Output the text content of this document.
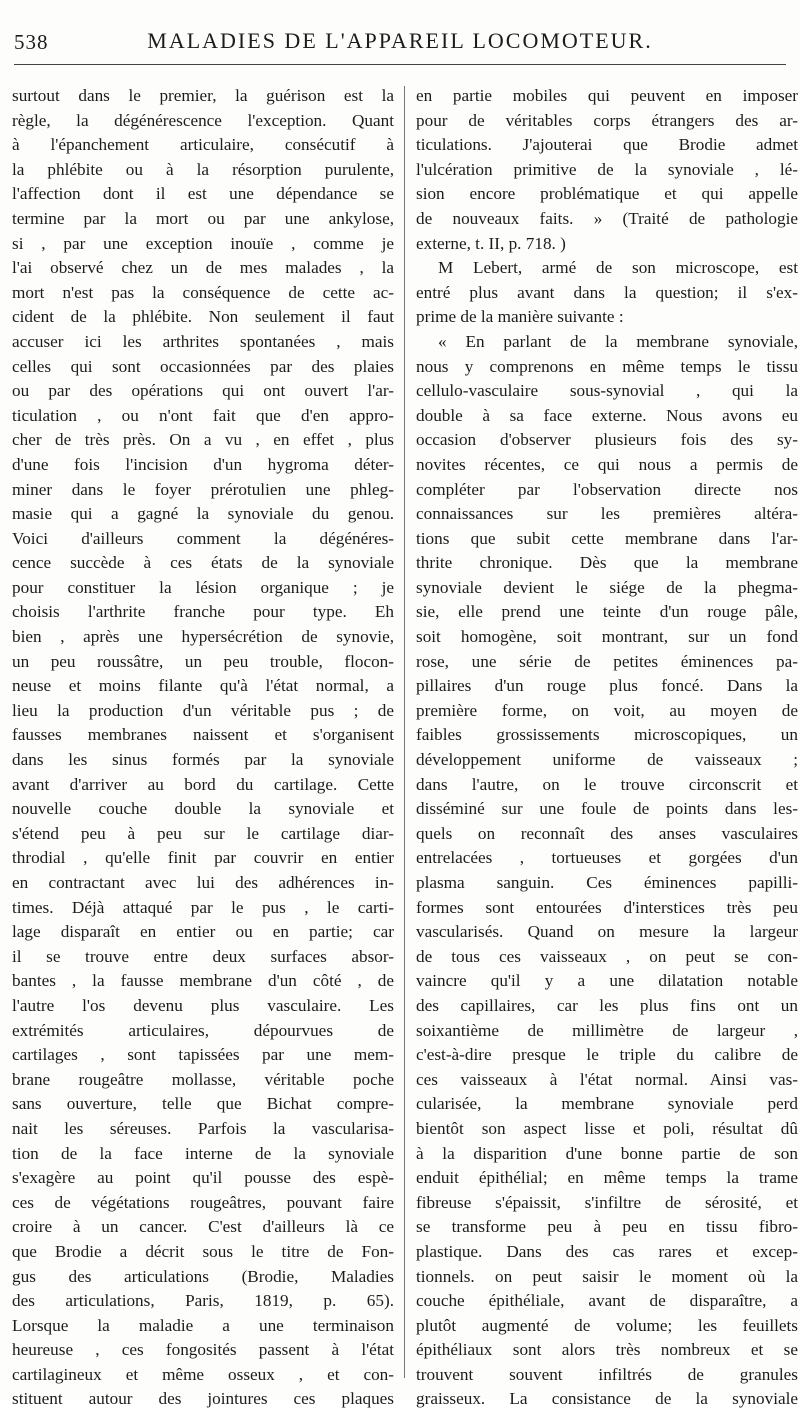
538	MALADIES DE L'APPAREIL LOCOMOTEUR.
surtout dans le premier, la guérison est la
règle, la dégénérescence l'exception. Quant
à l'épanchement articulaire, consécutif à
la phlébite ou à la résorption purulente,
l'affection dont il est une dépendance se
termine par la mort ou par une ankylose,
si , par une exception inouïe , comme je
l'ai observé chez un de mes malades , la
mort n'est pas la conséquence de cette ac-
cident de la phlébite. Non seulement il faut
accuser ici les arthrites spontanées , mais
celles qui sont occasionnées par des plaies
ou par des opérations qui ont ouvert l'ar-
ticulation , ou n'ont fait que d'en appro-
cher de très près. On a vu , en effet , plus
d'une fois l'incision d'un hygroma déter-
miner dans le foyer prérotulien une phleg-
masie qui a gagné la synoviale du genou.
Voici d'ailleurs comment la dégénéres-
cence succède à ces états de la synoviale
pour constituer la lésion organique ; je
choisis l'arthrite franche pour type. Eh
bien , après une hypersécrétion de synovie,
un peu roussâtre, un peu trouble, flocon-
neuse et moins filante qu'à l'état normal, a
lieu la production d'un véritable pus ; de
fausses membranes naissent et s'organisent
dans les sinus formés par la synoviale
avant d'arriver au bord du cartilage. Cette
nouvelle couche double la synoviale et
s'étend peu à peu sur le cartilage diar-
throdial , qu'elle finit par couvrir en entier
en contractant avec lui des adhérences in-
times. Déjà attaqué par le pus , le carti-
lage disparaît en entier ou en partie; car
il se trouve entre deux surfaces absor-
bantes , la fausse membrane d'un côté , de
l'autre l'os devenu plus vasculaire. Les
extrémités articulaires, dépourvues de
cartilages , sont tapissées par une mem-
brane rougeâtre mollasse, véritable poche
sans ouverture, telle que Bichat compre-
nait les séreuses. Parfois la vascularisa-
tion de la face interne de la synoviale
s'exagère au point qu'il pousse des espè-
ces de végétations rougeâtres, pouvant faire
croire à un cancer. C'est d'ailleurs là ce
que Brodie a décrit sous le titre de Fon-
gus des articulations (Brodie, Maladies
des articulations, Paris, 1819, p. 65).
Lorsque la maladie a une terminaison
heureuse , ces fongosités passent à l'état
cartilagineux et même osseux , et con-
stituent autour des jointures ces plaques
en partie mobiles qui peuvent en imposer
pour de véritables corps étrangers des ar-
ticulations. J'ajouterai que Brodie admet
l'ulcération primitive de la synoviale , lé-
sion encore problématique et qui appelle
de nouveaux faits. » (Traité de pathologie
externe, t. II, p. 718. )
M Lebert, armé de son microscope, est
entré plus avant dans la question; il s'ex-
prime de la manière suivante :
« En parlant de la membrane synoviale,
nous y comprenons en même temps le tissu
cellulo-vasculaire sous-synovial , qui la
double à sa face externe. Nous avons eu
occasion d'observer plusieurs fois des sy-
novites récentes, ce qui nous a permis de
compléter par l'observation directe nos
connaissances sur les premières altéra-
tions que subit cette membrane dans l'ar-
thrite chronique. Dès que la membrane
synoviale devient le siége de la phegma-
sie, elle prend une teinte d'un rouge pâle,
soit homogène, soit montrant, sur un fond
rose, une série de petites éminences pa-
pillaires d'un rouge plus foncé. Dans la
première forme, on voit, au moyen de
faibles grossissements microscopiques, un
développement uniforme de vaisseaux ;
dans l'autre, on le trouve circonscrit et
disséminé sur une foule de points dans les-
quels on reconnaît des anses vasculaires
entrelacées , tortueuses et gorgées d'un
plasma sanguin. Ces éminences papilli-
formes sont entourées d'interstices très peu
vascularisés. Quand on mesure la largeur
de tous ces vaisseaux , on peut se con-
vaincre qu'il y a une dilatation notable
des capillaires, car les plus fins ont un
soixantième de millimètre de largeur ,
c'est-à-dire presque le triple du calibre de
ces vaisseaux à l'état normal. Ainsi vas-
cularisée, la membrane synoviale perd
bientôt son aspect lisse et poli, résultat dû
à la disparition d'une bonne partie de son
enduit épithélial; en même temps la trame
fibreuse s'épaissit, s'infiltre de sérosité, et
se transforme peu à peu en tissu fibro-
plastique. Dans des cas rares et excep-
tionnels. on peut saisir le moment où la
couche épithéliale, avant de disparaître, a
plutôt augmenté de volume; les feuillets
épithéliaux sont alors très nombreux et se
trouvent souvent infiltrés de granules
graisseux. La consistance de la synoviale
